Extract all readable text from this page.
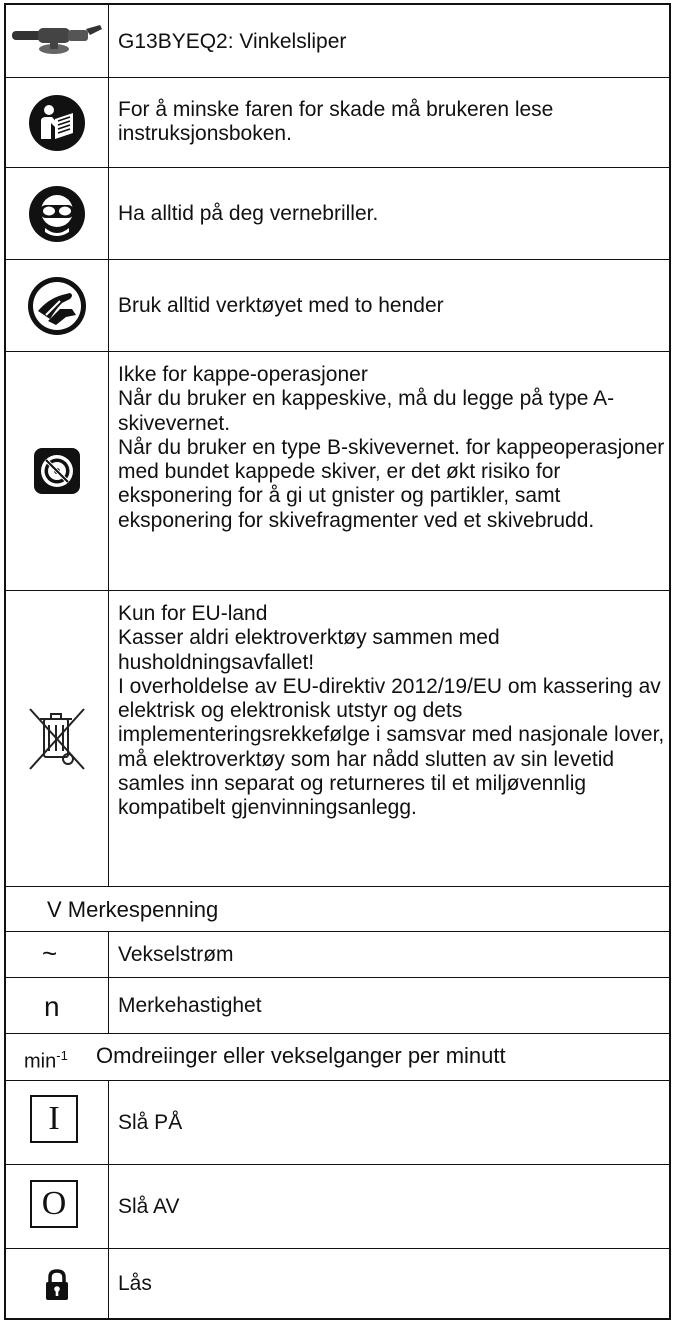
G13BYEQ2: Vinkelsliper
For å minske faren for skade må brukeren lese instruksjonsboken.
Ha alltid på deg vernebriller.
Bruk alltid verktøyet med to hender

Ikke for kappe-operasjoner

Når du bruker en kappeskive, må du legge på type A-skivevernet.

Når du bruker en type B-skivevernet. for kappeoperasjoner med bundet kappede skiver, er det økt risiko for eksponering for å gi ut gnister og partikler, samt eksponering for skivefragmenter ved et skivebrudd.

Kun for EU-land

Kasser aldri elektroverktøy sammen med husholdningsavfallet!

I overholdelse av EU-direktiv 2012/19/EU om kassering av elektrisk og elektronisk utstyr og dets implementeringsrekkefølge i samsvar med nasjonale lover, må elektroverktøy som har nådd slutten av sin levetid samles inn separat og returneres til et miljøvennlig kompatibelt gjenvinningsanlegg.

V Merkespenning
~	Vekselstrøm
n	Merkehastighet
$\min^{-1}$ Omdreiinger eller vekselganger per minutt
I	Slå PÅ
O Slå AV
Lås
